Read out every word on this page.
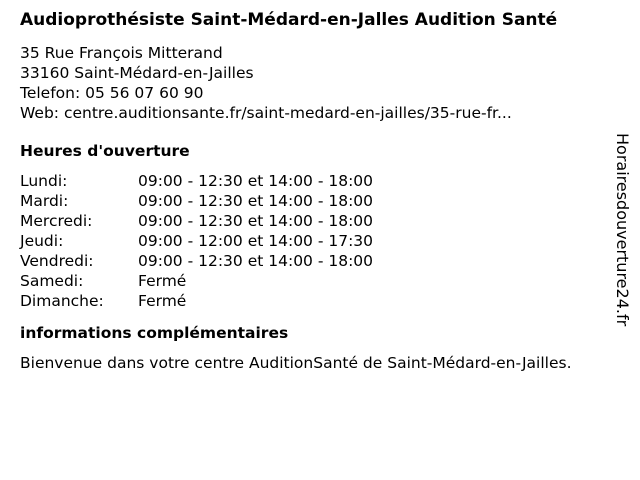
Audioprothésiste Saint-Médard-en-Jalles Audition Santé
35 Rue François Mitterand
33160 Saint-Médard-en-Jailles
Telefon: 05 56 07 60 90
Web: centre.auditionsante.fr/saint-medard-en-jailles/35-rue-fr...
Heures d'ouverture
Lundi:	09:00 - 12:30 et 14:00 - 18:00
Mardi:	09:00 - 12:30 et 14:00 - 18:00
Mercredi:	09:00 - 12:30 et 14:00 - 18:00
Jeudi:	09:00 - 12:00 et 14:00 - 17:30
Vendredi:	09:00 - 12:30 et 14:00 - 18:00
Samedi:	Fermé
Dimanche:	Fermé
informations complémentaires
Bienvenue dans votre centre AuditionSanté de Saint-Médard-en-Jailles.
Horairesdouverture24.fr
